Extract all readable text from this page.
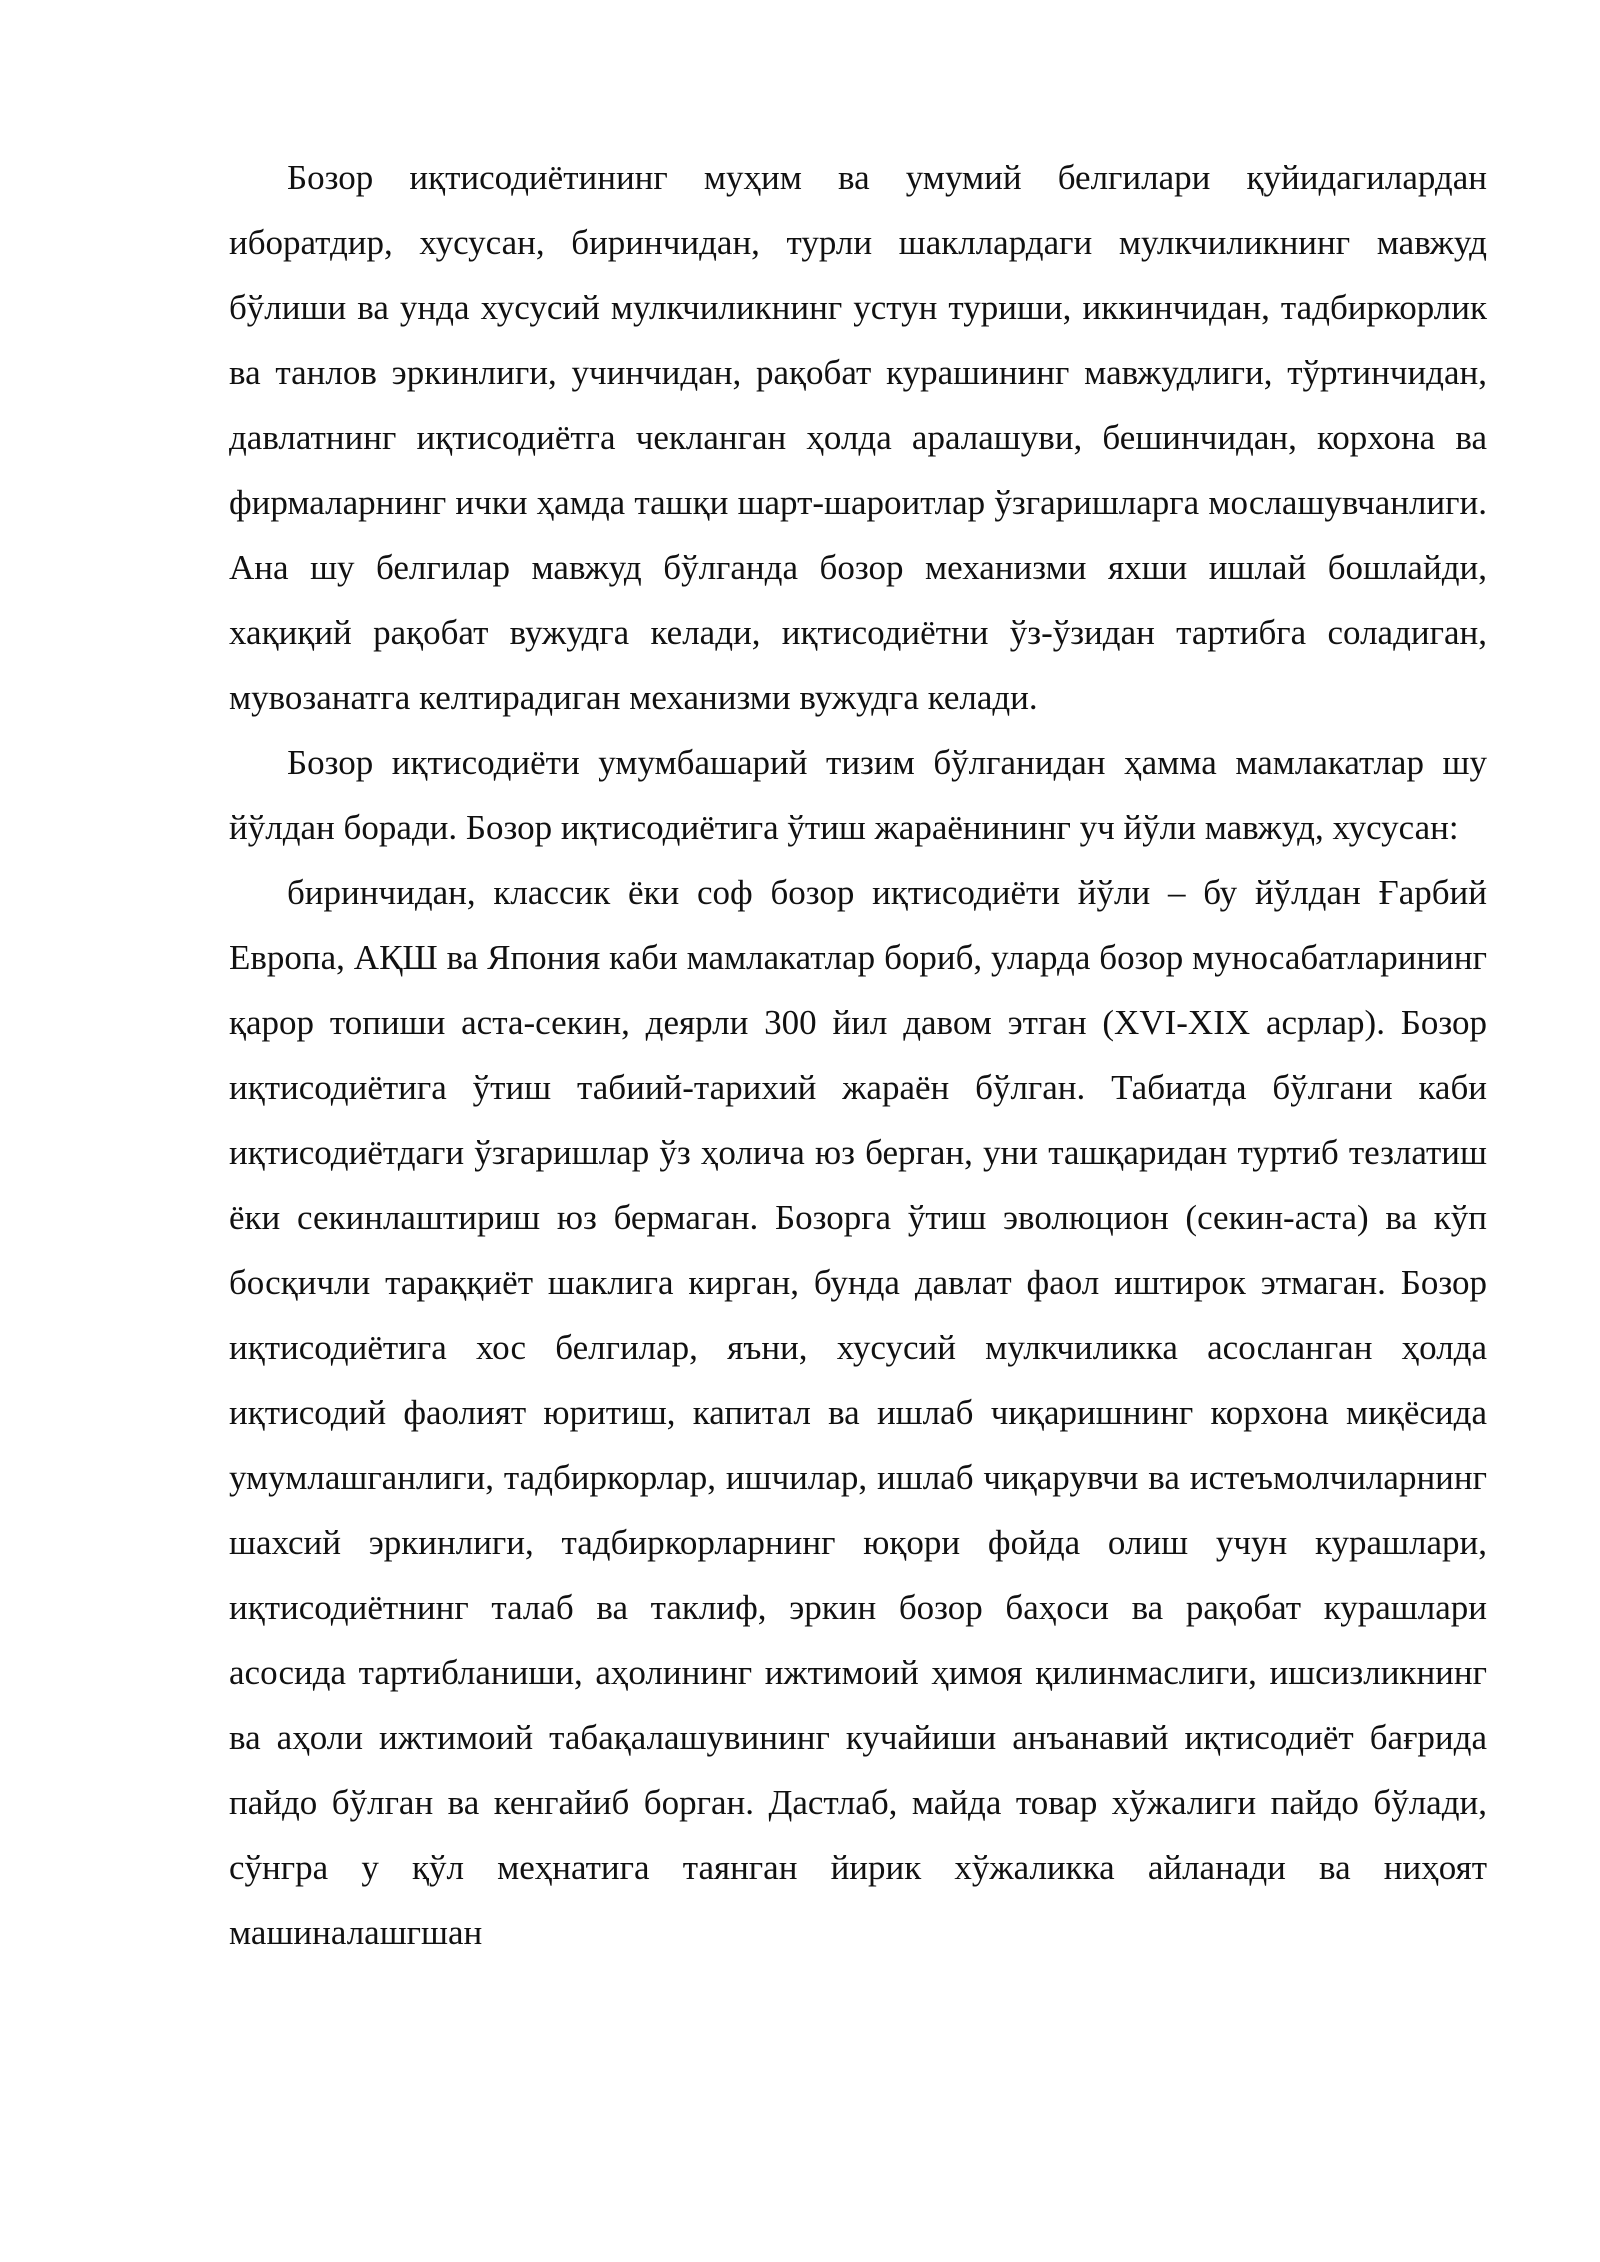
Бозор иқтисодиётининг муҳим ва умумий белгилари қуйидагилардан иборатдир, хусусан, биринчидан, турли шакллардаги мулкчиликнинг мавжуд бўлиши ва унда хусусий мулкчиликнинг устун туриши, иккинчидан, тадбиркорлик ва танлов эркинлиги, учинчидан, рақобат курашининг мавжудлиги, тўртинчидан, давлатнинг иқтисодиётга чекланган ҳолда аралашуви, бешинчидан, корхона ва фирмаларнинг ички ҳамда ташқи шарт-шароитлар ўзгаришларга мослашувчанлиги. Ана шу белгилар мавжуд бўлганда бозор механизми яхши ишлай бошлайди, хақиқий рақобат вужудга келади, иқтисодиётни ўз-ўзидан тартибга соладиган, мувозанатга келтирадиган механизми вужудга келади.

Бозор иқтисодиёти умумбашарий тизим бўлганидан ҳамма мамлакатлар шу йўлдан боради. Бозор иқтисодиётига ўтиш жараёнининг уч йўли мавжуд, хусусан:

биринчидан, классик ёки соф бозор иқтисодиёти йўли – бу йўлдан Ғарбий Европа, АҚШ ва Япония каби мамлакатлар бориб, уларда бозор муносабатларининг қарор топиши аста-секин, деярли 300 йил давом этган (XVI-XIX асрлар). Бозор иқтисодиётига ўтиш табиий-тарихий жараён бўлган. Табиатда бўлгани каби иқтисодиётдаги ўзгаришлар ўз ҳолича юз берган, уни ташқаридан туртиб тезлатиш ёки секинлаштириш юз бермаган. Бозорга ўтиш эволюцион (секин-аста) ва кўп босқичли тараққиёт шаклига кирган, бунда давлат фаол иштирок этмаган. Бозор иқтисодиётига хос белгилар, яъни, хусусий мулкчиликка асосланган ҳолда иқтисодий фаолият юритиш, капитал ва ишлаб чиқаришнинг корхона миқёсида умумлашганлиги, тадбиркорлар, ишчилар, ишлаб чиқарувчи ва истеъмолчиларнинг шахсий эркинлиги, тадбиркорларнинг юқори фойда олиш учун курашлари, иқтисодиётнинг талаб ва таклиф, эркин бозор баҳоси ва рақобат курашлари асосида тартибланиши, аҳолининг ижтимоий ҳимоя қилинмаслиги, ишсизликнинг ва аҳоли ижтимоий табақалашувининг кучайиши анъанавий иқтисодиёт бағрида пайдо бўлган ва кенгайиб борган. Дастлаб, майда товар хўжалиги пайдо бўлади, сўнгра у қўл меҳнатига таянган йирик хўжаликка айланади ва ниҳоят машиналашгшан
